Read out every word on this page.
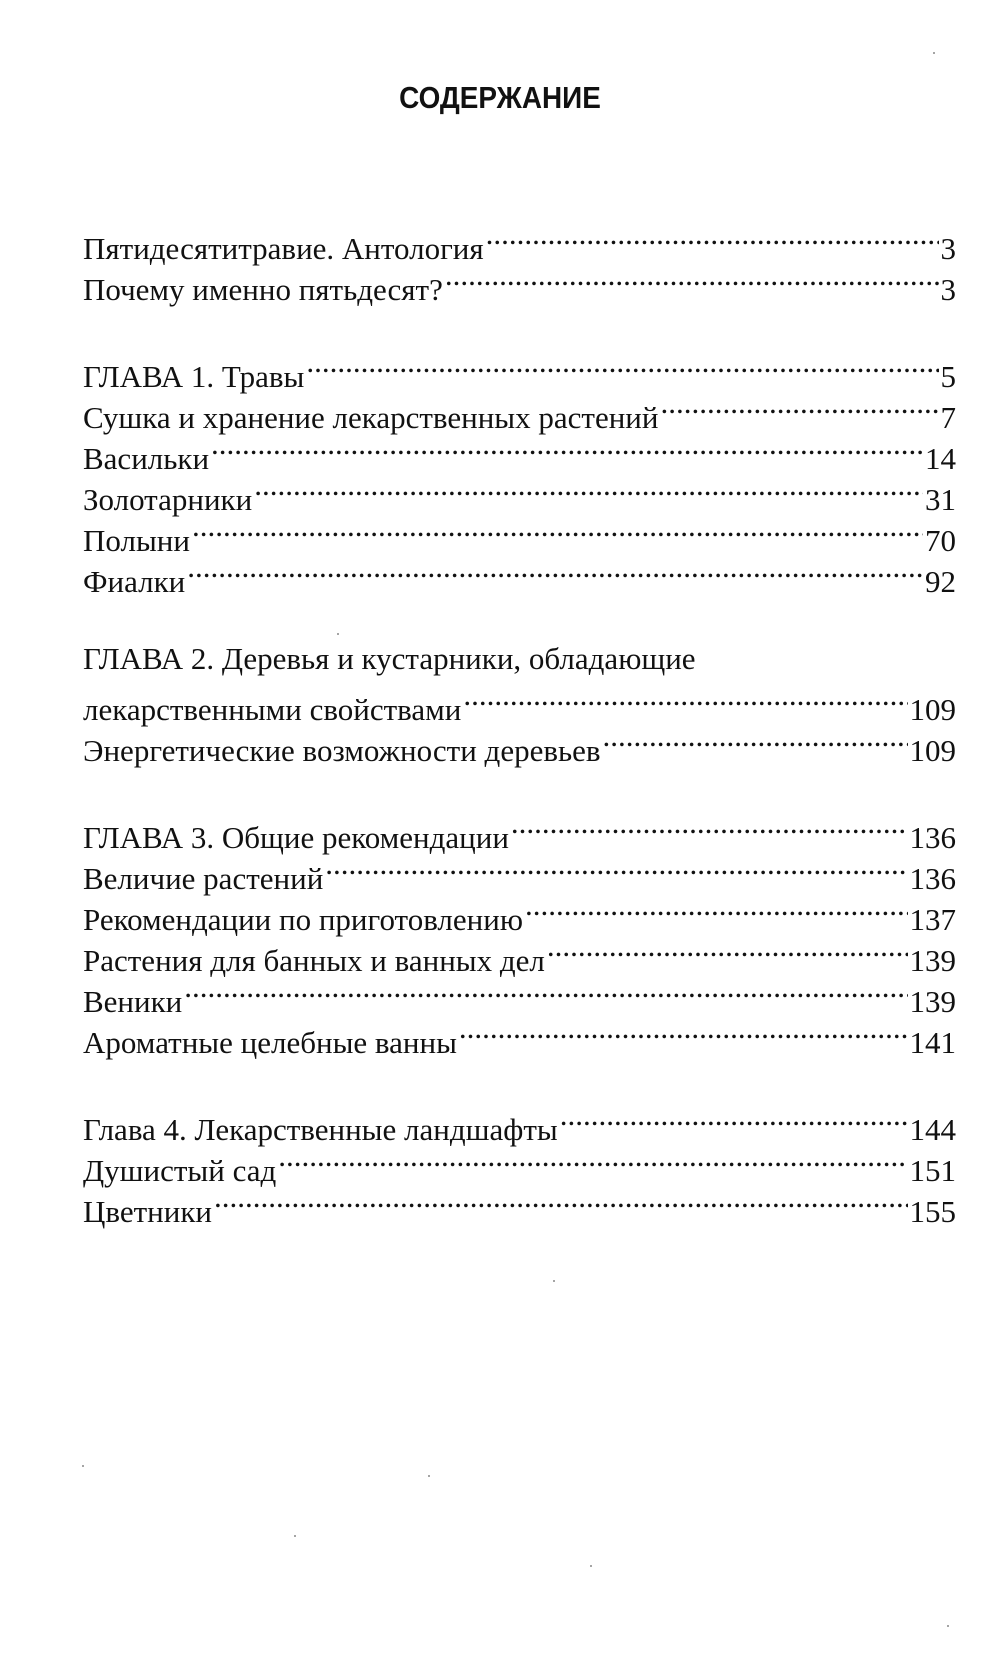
СОДЕРЖАНИЕ
Пятидесятитравие. Антология .....	3
Почему именно пятьдесят? .....	3
ГЛАВА 1. Травы .....	5
Сушка и хранение лекарственных растений .....	7
Васильки .....	14
Золотарники .....	31
Полыни .....	70
Фиалки .....	92
ГЛАВА 2. Деревья и кустарники, обладающие
лекарственными свойствами .....	109
Энергетические возможности деревьев .....	109
ГЛАВА 3. Общие рекомендации .....	136
Величие растений .....	136
Рекомендации по приготовлению .....	137
Растения для банных и ванных дел .....	139
Веники .....	139
Ароматные целебные ванны .....	141
Глава 4. Лекарственные ландшафты .....	144
Душистый сад .....	151
Цветники .....	155
